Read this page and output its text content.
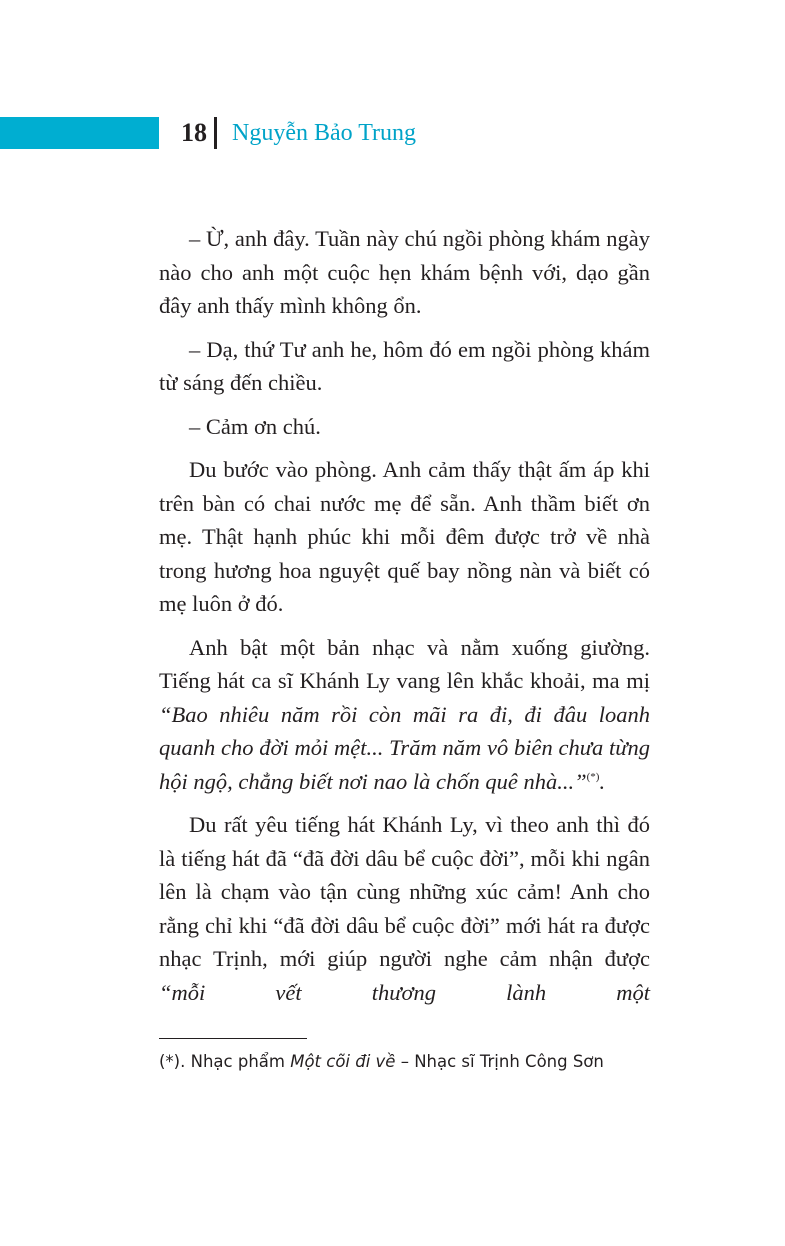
18 Nguyễn Bảo Trung

– Ừ, anh đây. Tuần này chú ngồi phòng khám ngày nào cho anh một cuộc hẹn khám bệnh với, dạo gần đây anh thấy mình không ổn.

– Dạ, thứ Tư anh he, hôm đó em ngồi phòng khám từ sáng đến chiều.

– Cảm ơn chú.

Du bước vào phòng. Anh cảm thấy thật ấm áp khi trên bàn có chai nước mẹ để sẵn. Anh thầm biết ơn mẹ. Thật hạnh phúc khi mỗi đêm được trở về nhà trong hương hoa nguyệt quế bay nồng nàn và biết có mẹ luôn ở đó.

Anh bật một bản nhạc và nằm xuống giường. Tiếng hát ca sĩ Khánh Ly vang lên khắc khoải, ma mị “Bao nhiêu năm rồi còn mãi ra đi, đi đâu loanh quanh cho đời mỏi mệt... Trăm năm vô biên chưa từng hội ngộ, chẳng biết nơi nao là chốn quê nhà...”(*).

Du rất yêu tiếng hát Khánh Ly, vì theo anh thì đó là tiếng hát đã “đã đời dâu bể cuộc đời”, mỗi khi ngân lên là chạm vào tận cùng những xúc cảm! Anh cho rằng chỉ khi “đã đời dâu bể cuộc đời” mới hát ra được nhạc Trịnh, mới giúp người nghe cảm nhận được “mỗi vết thương lành một

(*). Nhạc phẩm Một cõi đi về – Nhạc sĩ Trịnh Công Sơn
